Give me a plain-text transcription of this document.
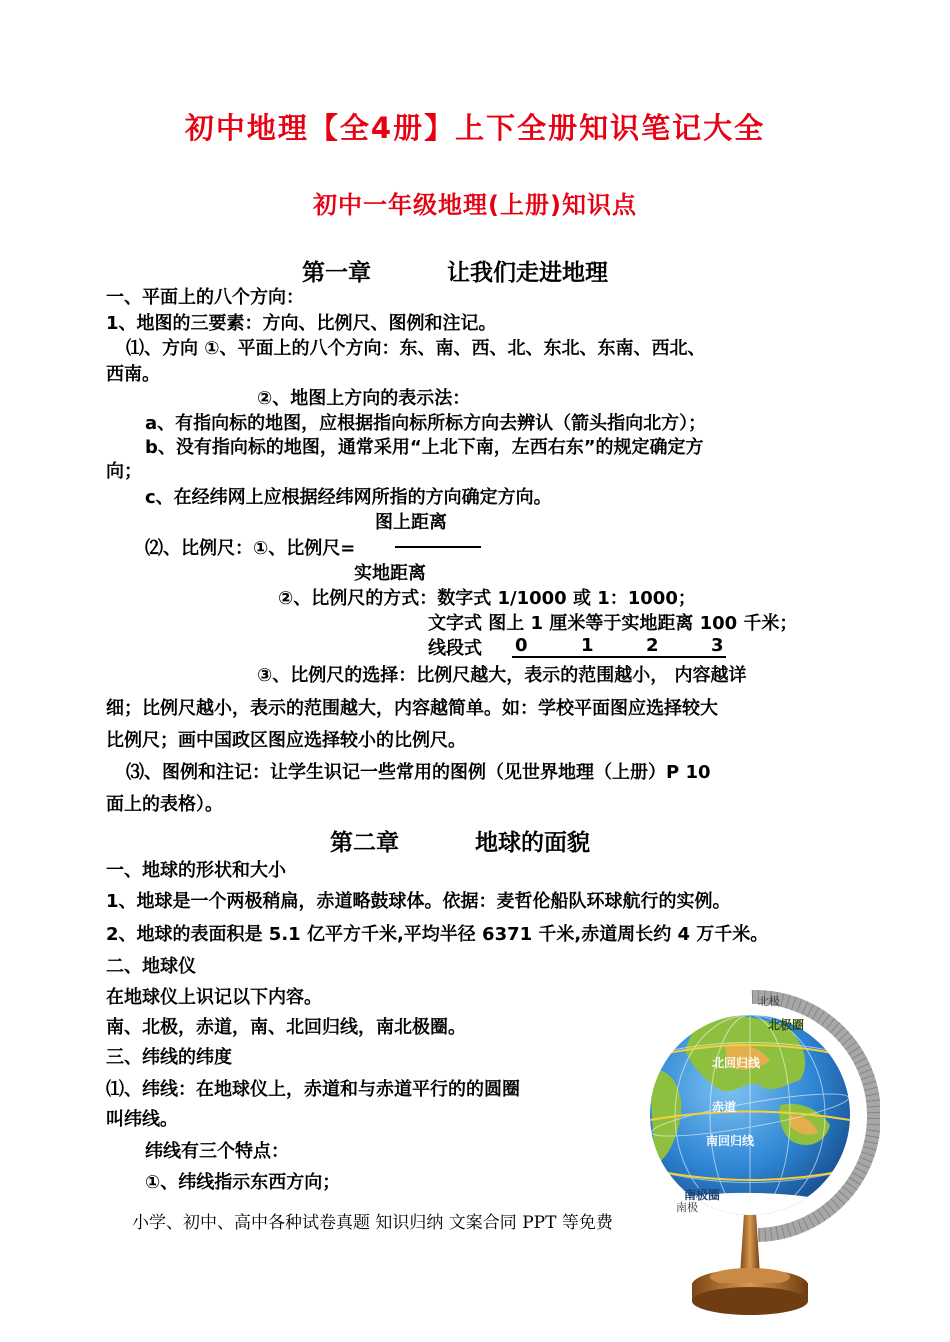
初中地理【全4册】上下全册知识笔记大全
初中一年级地理(上册)知识点
第一章	让我们走进地理
一、平面上的八个方向：
1、地图的三要素：方向、比例尺、图例和注记。
⑴、方向 ①、平面上的八个方向：东、南、西、北、东北、东南、西北、
西南。
②、地图上方向的表示法：
a、有指向标的地图，应根据指向标所标方向去辨认（箭头指向北方）；
b、没有指向标的地图，通常采用“上北下南，左西右东”的规定确定方
向；
c、在经纬网上应根据经纬网所指的方向确定方向。
图上距离
⑵、比例尺：①、比例尺=
实地距离
②、比例尺的方式：数字式 1/1000 或 1：1000；
文字式 图上 1 厘米等于实地距离 100 千米；
线段式 0	1	2	3
③、比例尺的选择：比例尺越大，表示的范围越小， 内容越详
细；比例尺越小，表示的范围越大，内容越简单。如：学校平面图应选择较大
比例尺；画中国政区图应选择较小的比例尺。
⑶、图例和注记：让学生识记一些常用的图例（见世界地理（上册）P 10
面上的表格）。
第二章	地球的面貌
一、地球的形状和大小
1、地球是一个两极稍扁，赤道略鼓球体。依据：麦哲伦船队环球航行的实例。
2、地球的表面积是 5.1 亿平方千米,平均半径 6371 千米,赤道周长约 4 万千米。
二、地球仪
在地球仪上识记以下内容。
南、北极，赤道，南、北回归线，南北极圈。
三、纬线的纬度
⑴、纬线：在地球仪上，赤道和与赤道平行的的圆圈
叫纬线。
纬线有三个特点：
①、纬线指示东西方向；
北极
北极圈
北回归线
赤道
南回归线
南极圈
南极
小学、初中、高中各种试卷真题 知识归纳 文案合同 PPT 等免费
